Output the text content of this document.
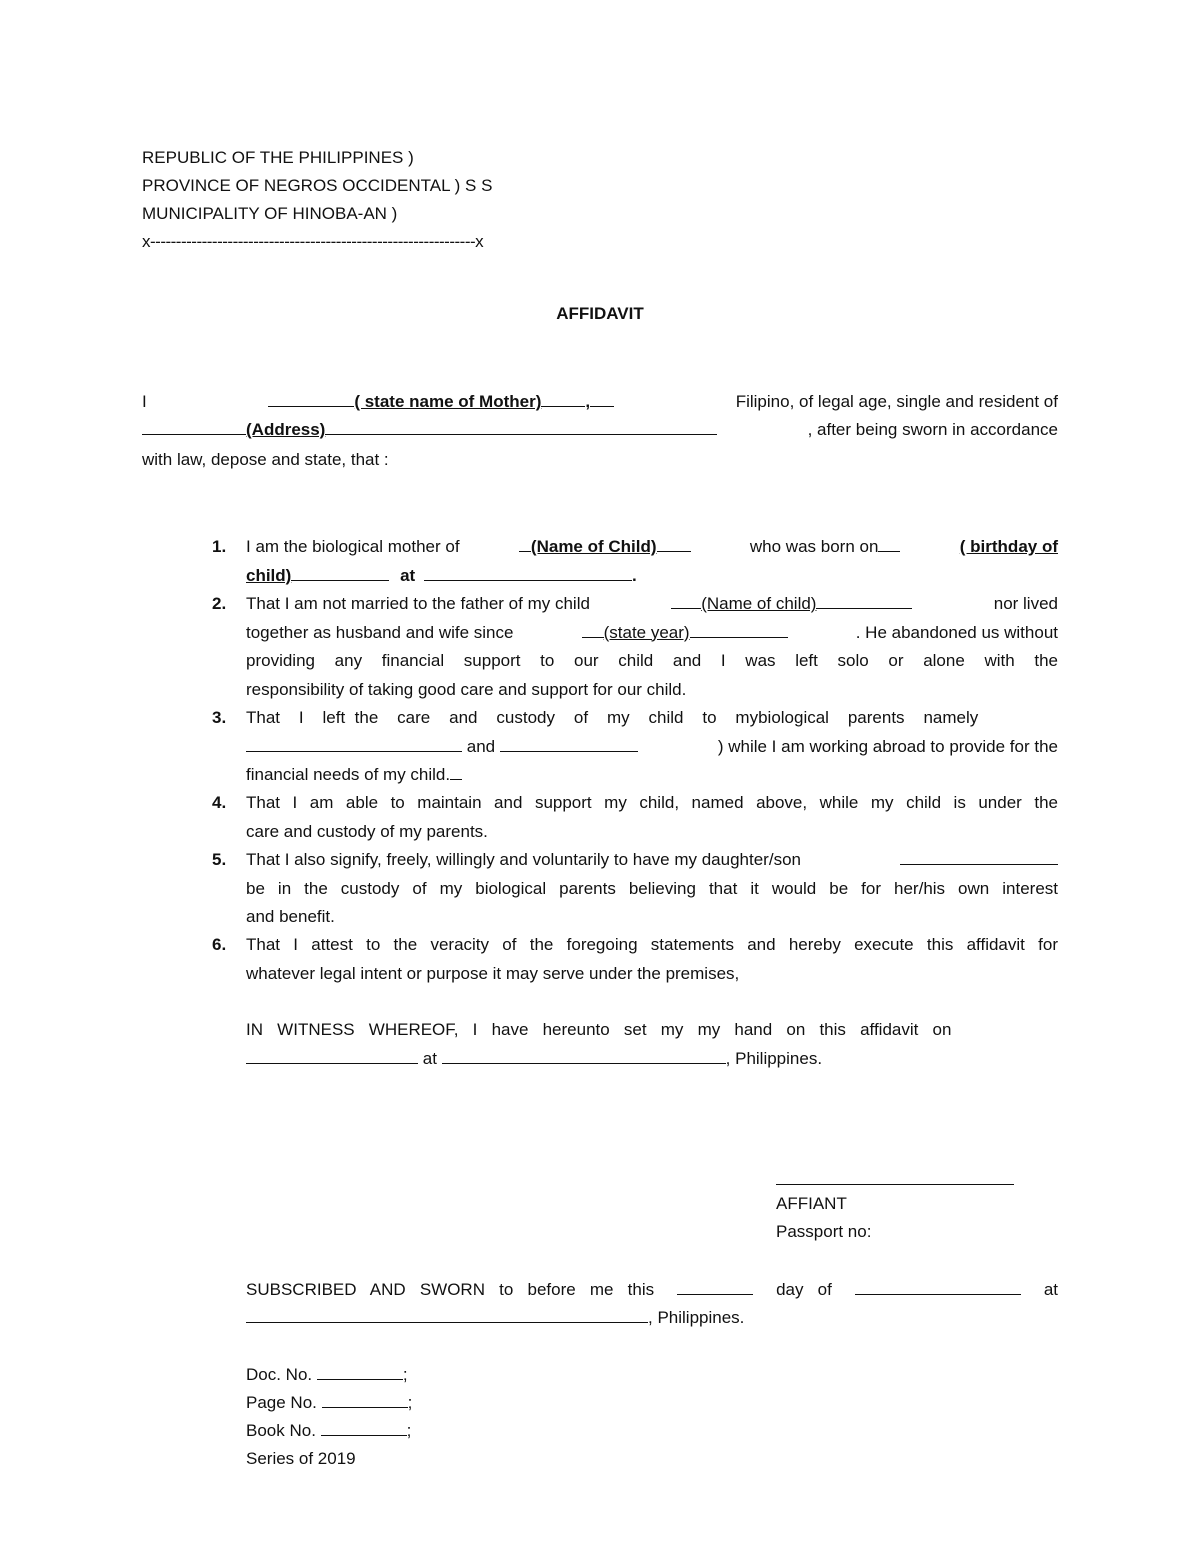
REPUBLIC OF THE PHILIPPINES )
PROVINCE OF NEGROS OCCIDENTAL ) S S
MUNICIPALITY OF HINOBA-AN )
x---------------------------------------------------------------x
AFFIDAVIT
I	( state name of Mother)	,	Filipino, of legal age, single and resident of
(Address)	, after being sworn in accordance
with law, depose and state, that :
1.	I am the biological mother of	(Name of Child)	who was born on	( birthday of
child)	at	.
2.	That I am not married to the father of my child	(Name of child)	nor lived
together as husband and wife since	(state year)	. He abandoned us without
providing any financial support to our child and I was left solo or alone with the
responsibility of taking good care and support for our child.
3.	That    I    left  the    care    and    custody    of    my    child    to    mybiological    parents    namely
and	) while I am working abroad to provide for the
financial needs of my child.
4.	That I am able to maintain and support my child, named above, while my child is under the
care and custody of my parents.
5.	That I also signify, freely, willingly and voluntarily to have my daughter/son
be in the custody of my biological parents believing that it would be for her/his own interest
and benefit.
6.	That I attest to the veracity of the foregoing statements and hereby execute this affidavit for
whatever legal intent or purpose it may serve under the premises,
IN   WITNESS   WHEREOF,   I   have   hereunto   set   my   my   hand   on   this   affidavit   on
at	, Philippines.
AFFIANT
Passport no:
SUBSCRIBED   AND   SWORN   to   before   me   this	day   of	at
, Philippines.
Doc. No.	;
Page No.	;
Book No.	;
Series of 2019
